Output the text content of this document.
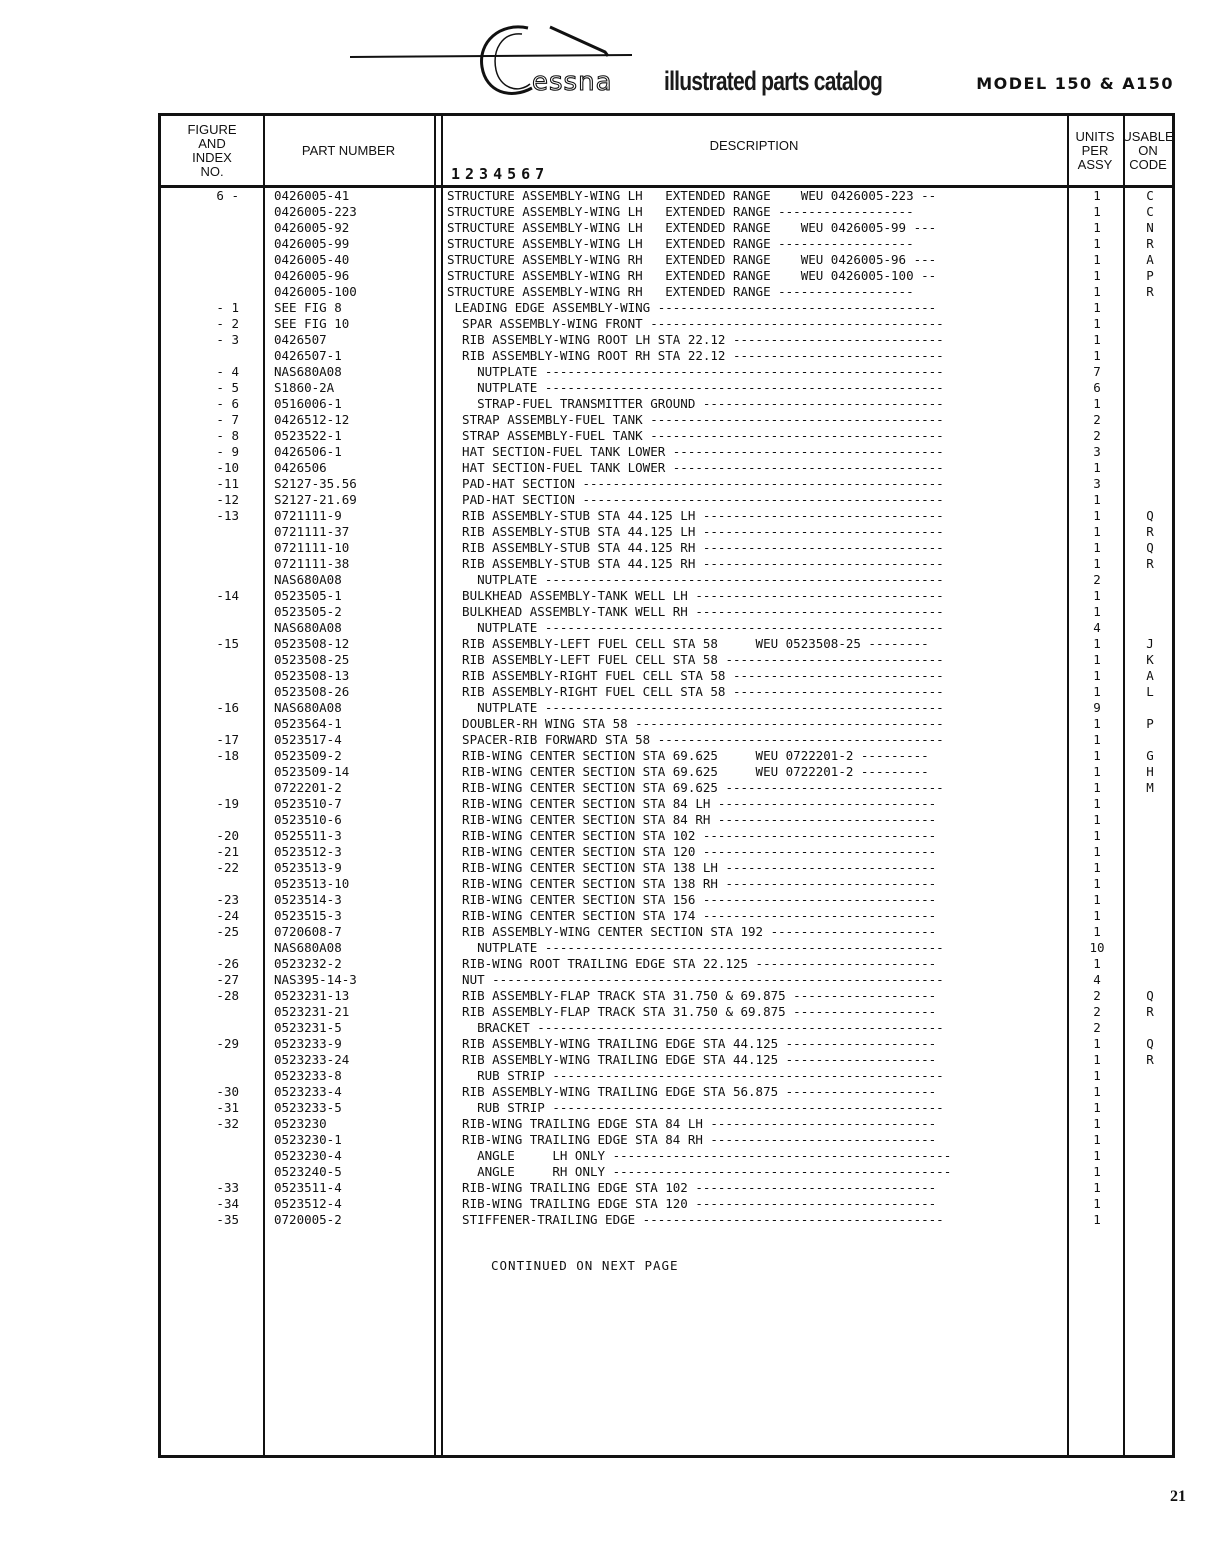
essna illustrated parts catalog	MODEL 150 & A150
FIGURE
AND
INDEX
NO.
PART NUMBER	DESCRIPTION
1234567
UNITS
PER
ASSY
USABLE
ON
CODE
6 -	0426005-41	STRUCTURE ASSEMBLY-WING LH   EXTENDED RANGE    WEU 0426005-223 --	1	C
0426005-223	STRUCTURE ASSEMBLY-WING LH   EXTENDED RANGE ------------------	1	C
0426005-92	STRUCTURE ASSEMBLY-WING LH   EXTENDED RANGE    WEU 0426005-99 ---	1	N
0426005-99	STRUCTURE ASSEMBLY-WING LH   EXTENDED RANGE ------------------	1	R
0426005-40	STRUCTURE ASSEMBLY-WING RH   EXTENDED RANGE    WEU 0426005-96 ---	1	A
0426005-96	STRUCTURE ASSEMBLY-WING RH   EXTENDED RANGE    WEU 0426005-100 --	1	P
0426005-100	STRUCTURE ASSEMBLY-WING RH   EXTENDED RANGE ------------------	1	R
- 1	SEE FIG 8	LEADING EDGE ASSEMBLY-WING -------------------------------------	1
- 2	SEE FIG 10	SPAR ASSEMBLY-WING FRONT ---------------------------------------	1
- 3	0426507	RIB ASSEMBLY-WING ROOT LH STA 22.12 ----------------------------	1
0426507-1	RIB ASSEMBLY-WING ROOT RH STA 22.12 ----------------------------	1
- 4	NAS680A08	NUTPLATE -----------------------------------------------------	7
- 5	S1860-2A	NUTPLATE -----------------------------------------------------	6
- 6	0516006-1	STRAP-FUEL TRANSMITTER GROUND --------------------------------	1
- 7	0426512-12	STRAP ASSEMBLY-FUEL TANK ---------------------------------------	2
- 8	0523522-1	STRAP ASSEMBLY-FUEL TANK ---------------------------------------	2
- 9	0426506-1	HAT SECTION-FUEL TANK LOWER ------------------------------------	3
-10	0426506	HAT SECTION-FUEL TANK LOWER ------------------------------------	1
-11	S2127-35.56	PAD-HAT SECTION ------------------------------------------------	3
-12	S2127-21.69	PAD-HAT SECTION ------------------------------------------------	1
-13	0721111-9	RIB ASSEMBLY-STUB STA 44.125 LH --------------------------------	1	Q
0721111-37	RIB ASSEMBLY-STUB STA 44.125 LH --------------------------------	1	R
0721111-10	RIB ASSEMBLY-STUB STA 44.125 RH --------------------------------	1	Q
0721111-38	RIB ASSEMBLY-STUB STA 44.125 RH --------------------------------	1	R
NAS680A08	NUTPLATE -----------------------------------------------------	2
-14	0523505-1	BULKHEAD ASSEMBLY-TANK WELL LH ---------------------------------	1
0523505-2	BULKHEAD ASSEMBLY-TANK WELL RH ---------------------------------	1
NAS680A08	NUTPLATE -----------------------------------------------------	4
-15	0523508-12	RIB ASSEMBLY-LEFT FUEL CELL STA 58     WEU 0523508-25 --------	1	J
0523508-25	RIB ASSEMBLY-LEFT FUEL CELL STA 58 -----------------------------	1	K
0523508-13	RIB ASSEMBLY-RIGHT FUEL CELL STA 58 ----------------------------	1	A
0523508-26	RIB ASSEMBLY-RIGHT FUEL CELL STA 58 ----------------------------	1	L
-16	NAS680A08	NUTPLATE -----------------------------------------------------	9
0523564-1	DOUBLER-RH WING STA 58 -----------------------------------------	1	P
-17	0523517-4	SPACER-RIB FORWARD STA 58 --------------------------------------	1
-18	0523509-2	RIB-WING CENTER SECTION STA 69.625     WEU 0722201-2 ---------	1	G
0523509-14	RIB-WING CENTER SECTION STA 69.625     WEU 0722201-2 ---------	1	H
0722201-2	RIB-WING CENTER SECTION STA 69.625 -----------------------------	1	M
-19	0523510-7	RIB-WING CENTER SECTION STA 84 LH -----------------------------	1
0523510-6	RIB-WING CENTER SECTION STA 84 RH -----------------------------	1
-20	0525511-3	RIB-WING CENTER SECTION STA 102 -------------------------------	1
-21	0523512-3	RIB-WING CENTER SECTION STA 120 -------------------------------	1
-22	0523513-9	RIB-WING CENTER SECTION STA 138 LH ----------------------------	1
0523513-10	RIB-WING CENTER SECTION STA 138 RH ----------------------------	1
-23	0523514-3	RIB-WING CENTER SECTION STA 156 -------------------------------	1
-24	0523515-3	RIB-WING CENTER SECTION STA 174 -------------------------------	1
-25	0720608-7	RIB ASSEMBLY-WING CENTER SECTION STA 192 ----------------------	1
NAS680A08	NUTPLATE -----------------------------------------------------	10
-26	0523232-2	RIB-WING ROOT TRAILING EDGE STA 22.125 ------------------------	1
-27	NAS395-14-3	NUT ------------------------------------------------------------	4
-28	0523231-13	RIB ASSEMBLY-FLAP TRACK STA 31.750 & 69.875 -------------------	2	Q
0523231-21	RIB ASSEMBLY-FLAP TRACK STA 31.750 & 69.875 -------------------	2	R
0523231-5	BRACKET ------------------------------------------------------	2
-29	0523233-9	RIB ASSEMBLY-WING TRAILING EDGE STA 44.125 --------------------	1	Q
0523233-24	RIB ASSEMBLY-WING TRAILING EDGE STA 44.125 --------------------	1	R
0523233-8	RUB STRIP ----------------------------------------------------	1
-30	0523233-4	RIB ASSEMBLY-WING TRAILING EDGE STA 56.875 --------------------	1
-31	0523233-5	RUB STRIP ----------------------------------------------------	1
-32	0523230	RIB-WING TRAILING EDGE STA 84 LH ------------------------------	1
0523230-1	RIB-WING TRAILING EDGE STA 84 RH ------------------------------	1
0523230-4	ANGLE     LH ONLY ---------------------------------------------	1
0523240-5	ANGLE     RH ONLY ---------------------------------------------	1
-33	0523511-4	RIB-WING TRAILING EDGE STA 102 --------------------------------	1
-34	0523512-4	RIB-WING TRAILING EDGE STA 120 --------------------------------	1
-35	0720005-2	STIFFENER-TRAILING EDGE ----------------------------------------	1
CONTINUED ON NEXT PAGE
21
